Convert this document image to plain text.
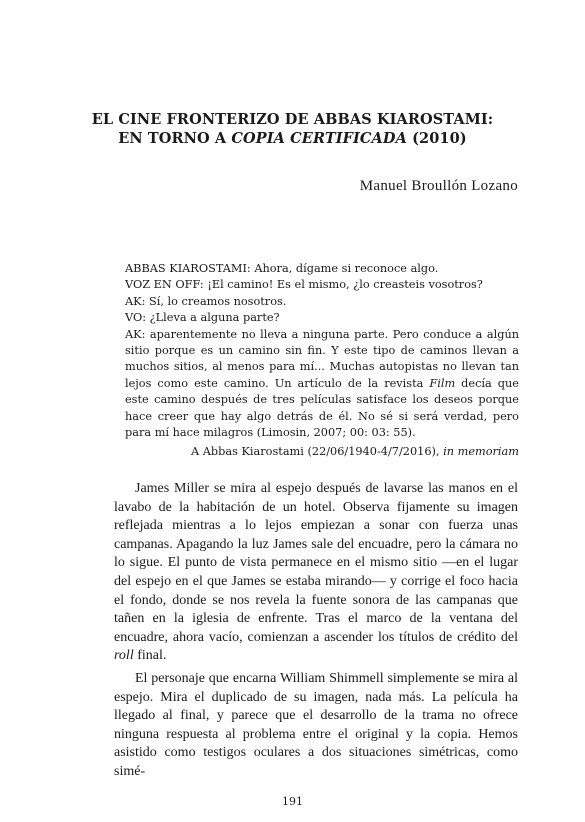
EL CINE FRONTERIZO DE ABBAS KIAROSTAMI:
EN TORNO A COPIA CERTIFICADA (2010)
Manuel Broullón Lozano

ABBAS KIAROSTAMI: Ahora, dígame si reconoce algo.

VOZ EN OFF: ¡El camino! Es el mismo, ¿lo creasteis vosotros?

AK: Sí, lo creamos nosotros.

VO: ¿Lleva a alguna parte?

AK: aparentemente no lleva a ninguna parte. Pero conduce a algún sitio porque es un camino sin fin. Y este tipo de caminos llevan a muchos sitios, al menos para mí... Muchas autopistas no llevan tan lejos como este camino. Un artículo de la revista Film decía que este camino después de tres películas satisface los deseos porque hace creer que hay algo detrás de él. No sé si será verdad, pero para mí hace milagros (Limosin, 2007; 00: 03: 55).

A Abbas Kiarostami (22/06/1940-4/7/2016), in memoriam

James Miller se mira al espejo después de lavarse las manos en el lavabo de la habitación de un hotel. Observa fijamente su imagen reflejada mientras a lo lejos empiezan a sonar con fuerza unas campanas. Apagando la luz James sale del encuadre, pero la cámara no lo sigue. El punto de vista permanece en el mismo sitio —en el lugar del espejo en el que James se estaba mirando— y corrige el foco hacia el fondo, donde se nos revela la fuente sonora de las campanas que tañen en la iglesia de enfrente. Tras el marco de la ventana del encuadre, ahora vacío, comienzan a ascender los títulos de crédito del roll final.

El personaje que encarna William Shimmell simplemente se mira al espejo. Mira el duplicado de su imagen, nada más. La película ha llegado al final, y parece que el desarrollo de la trama no ofrece ninguna respuesta al problema entre el original y la copia. Hemos asistido como testigos oculares a dos situaciones simétricas, como simé-

191
